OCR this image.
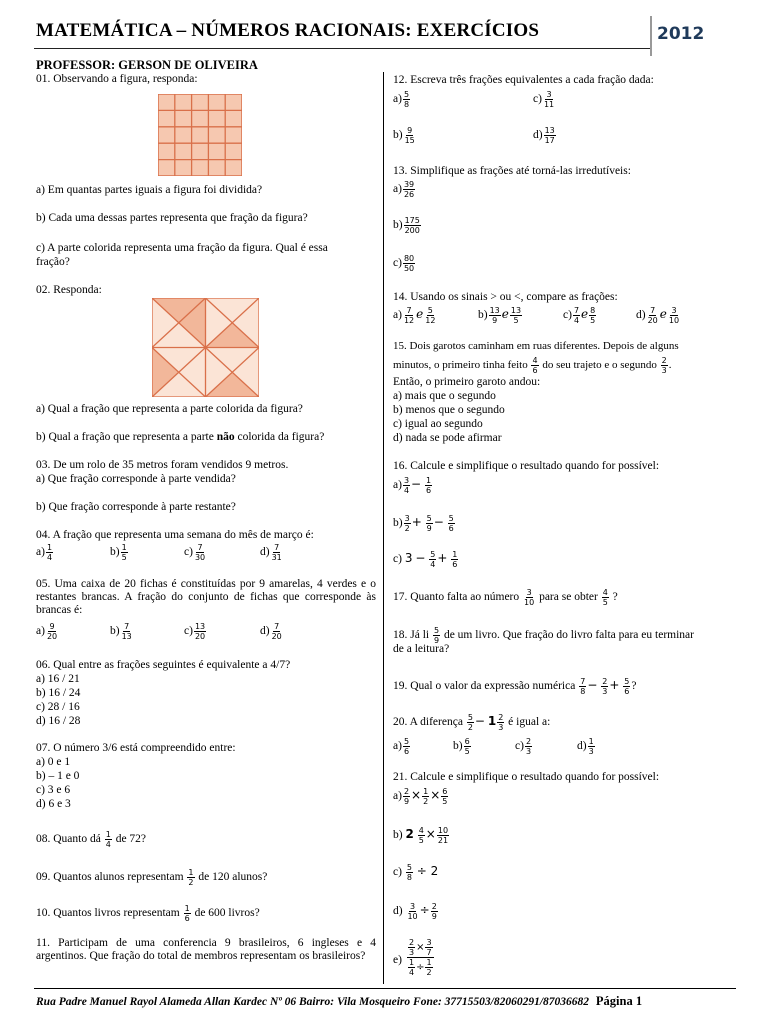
MATEMÁTICA – NÚMEROS RACIONAIS: EXERCÍCIOS	2012
PROFESSOR: GERSON DE OLIVEIRA
01. Observando a figura, responda:
a) Em quantas partes iguais a figura foi dividida?
b) Cada uma dessas partes representa que fração da figura?
c) A parte colorida representa uma fração da figura. Qual é essa
fração?
02. Responda:
a) Qual a fração que representa a parte colorida da figura?
b) Qual a fração que representa a parte não colorida da figura?
03. De um rolo de 35 metros foram vendidos 9 metros.
a) Que fração corresponde à parte vendida?
b) Que fração corresponde à parte restante?
04. A fração que representa uma semana do mês de março é:
$a) \frac{1}{4}$	$b) \frac{1}{5}$	$c) \frac{7}{30}$	$d) \frac{7}{31}$
05. Uma caixa de 20 fichas é constituídas por 9 amarelas, 4 verdes e o restantes brancas. A fração do conjunto de fichas que corresponde às brancas é:
$a) \frac{9}{20}$	$b) \frac{7}{13}$	$c) \frac{13}{20}$	$d) \frac{7}{20}$
06. Qual entre as frações seguintes é equivalente a 4/7?
a) 16 / 21
b) 16 / 24
c) 28 / 16
d) 16 / 28
07. O número 3/6 está compreendido entre:
a) 0 e 1
b) – 1 e 0
c) 3 e 6
d) 6 e 3
08. Quanto dá $\frac{1}{4}$ de 72?
09. Quantos alunos representam $\frac{1}{2}$ de 120 alunos?
10. Quantos livros representam $\frac{1}{6}$ de 600 livros?
11. Participam de uma conferencia 9 brasileiros, 6 ingleses e 4 argentinos. Que fração do total de membros representam os brasileiros?
12. Escreva três frações equivalentes a cada fração dada:
$a) \frac{5}{8}$	$c) \frac{3}{11}$
$b) \frac{9}{15}$	$d) \frac{13}{17}$
13. Simplifique as frações até torná-las irredutíveis:
$a) \frac{39}{26}$
$b) \frac{175}{200}$
$c) \frac{80}{50}$
14. Usando os sinais > ou <, compare as frações:
$a) \frac{7}{12}$ e $\frac{5}{12}$	$b) \frac{13}{9}$ e $\frac{13}{5}$	$c) \frac{7}{4}$ e $\frac{8}{5}$	$d) \frac{7}{20}$ e $\frac{3}{10}$
15. Dois garotos caminham em ruas diferentes. Depois de alguns
minutos, o primeiro tinha feito $\frac{4}{6}$ do seu trajeto e o segundo $\frac{2}{3}$ .
Então, o primeiro garoto andou:
a) mais que o segundo
b) menos que o segundo
c) igual ao segundo
d) nada se pode afirmar
16. Calcule e simplifique o resultado quando for possível:
$a) \frac{3}{4} - \frac{1}{6}$
$b) \frac{3}{2} + \frac{5}{9} - \frac{5}{6}$
c) $3 - \frac{5}{4} + \frac{1}{6}$
17. Quanto falta ao número $\frac{3}{10}$ para se obter $\frac{4}{5}$ ?
18. Já li $\frac{5}{9}$ de um livro. Que fração do livro falta para eu terminar
de a leitura?
19. Qual o valor da expressão numérica $\frac{7}{8} - \frac{2}{3} + \frac{5}{6}$ ?
20. A diferença $\frac{5}{2} - 1 \frac{2}{3}$ é igual a:
$a) \frac{5}{6}$	$b) \frac{6}{5}$	$c) \frac{2}{3}$	$d) \frac{1}{3}$
21. Calcule e simplifique o resultado quando for possível:
$a) \frac{2}{9} \times \frac{1}{2} \times \frac{6}{5}$
b) $2 \frac{4}{5} \times \frac{10}{21}$
$c) \frac{5}{8} \div 2$
$d) \frac{3}{10} \div \frac{2}{9}$
e)
$\frac{2}{3} \times \frac{3}{7}$
$\frac{1}{4} \div \frac{1}{2}$
Rua Padre Manuel Rayol Alameda Allan Kardec Nº 06 Bairro: Vila Mosqueiro Fone: 37715503/82060291/87036682 Página 1
